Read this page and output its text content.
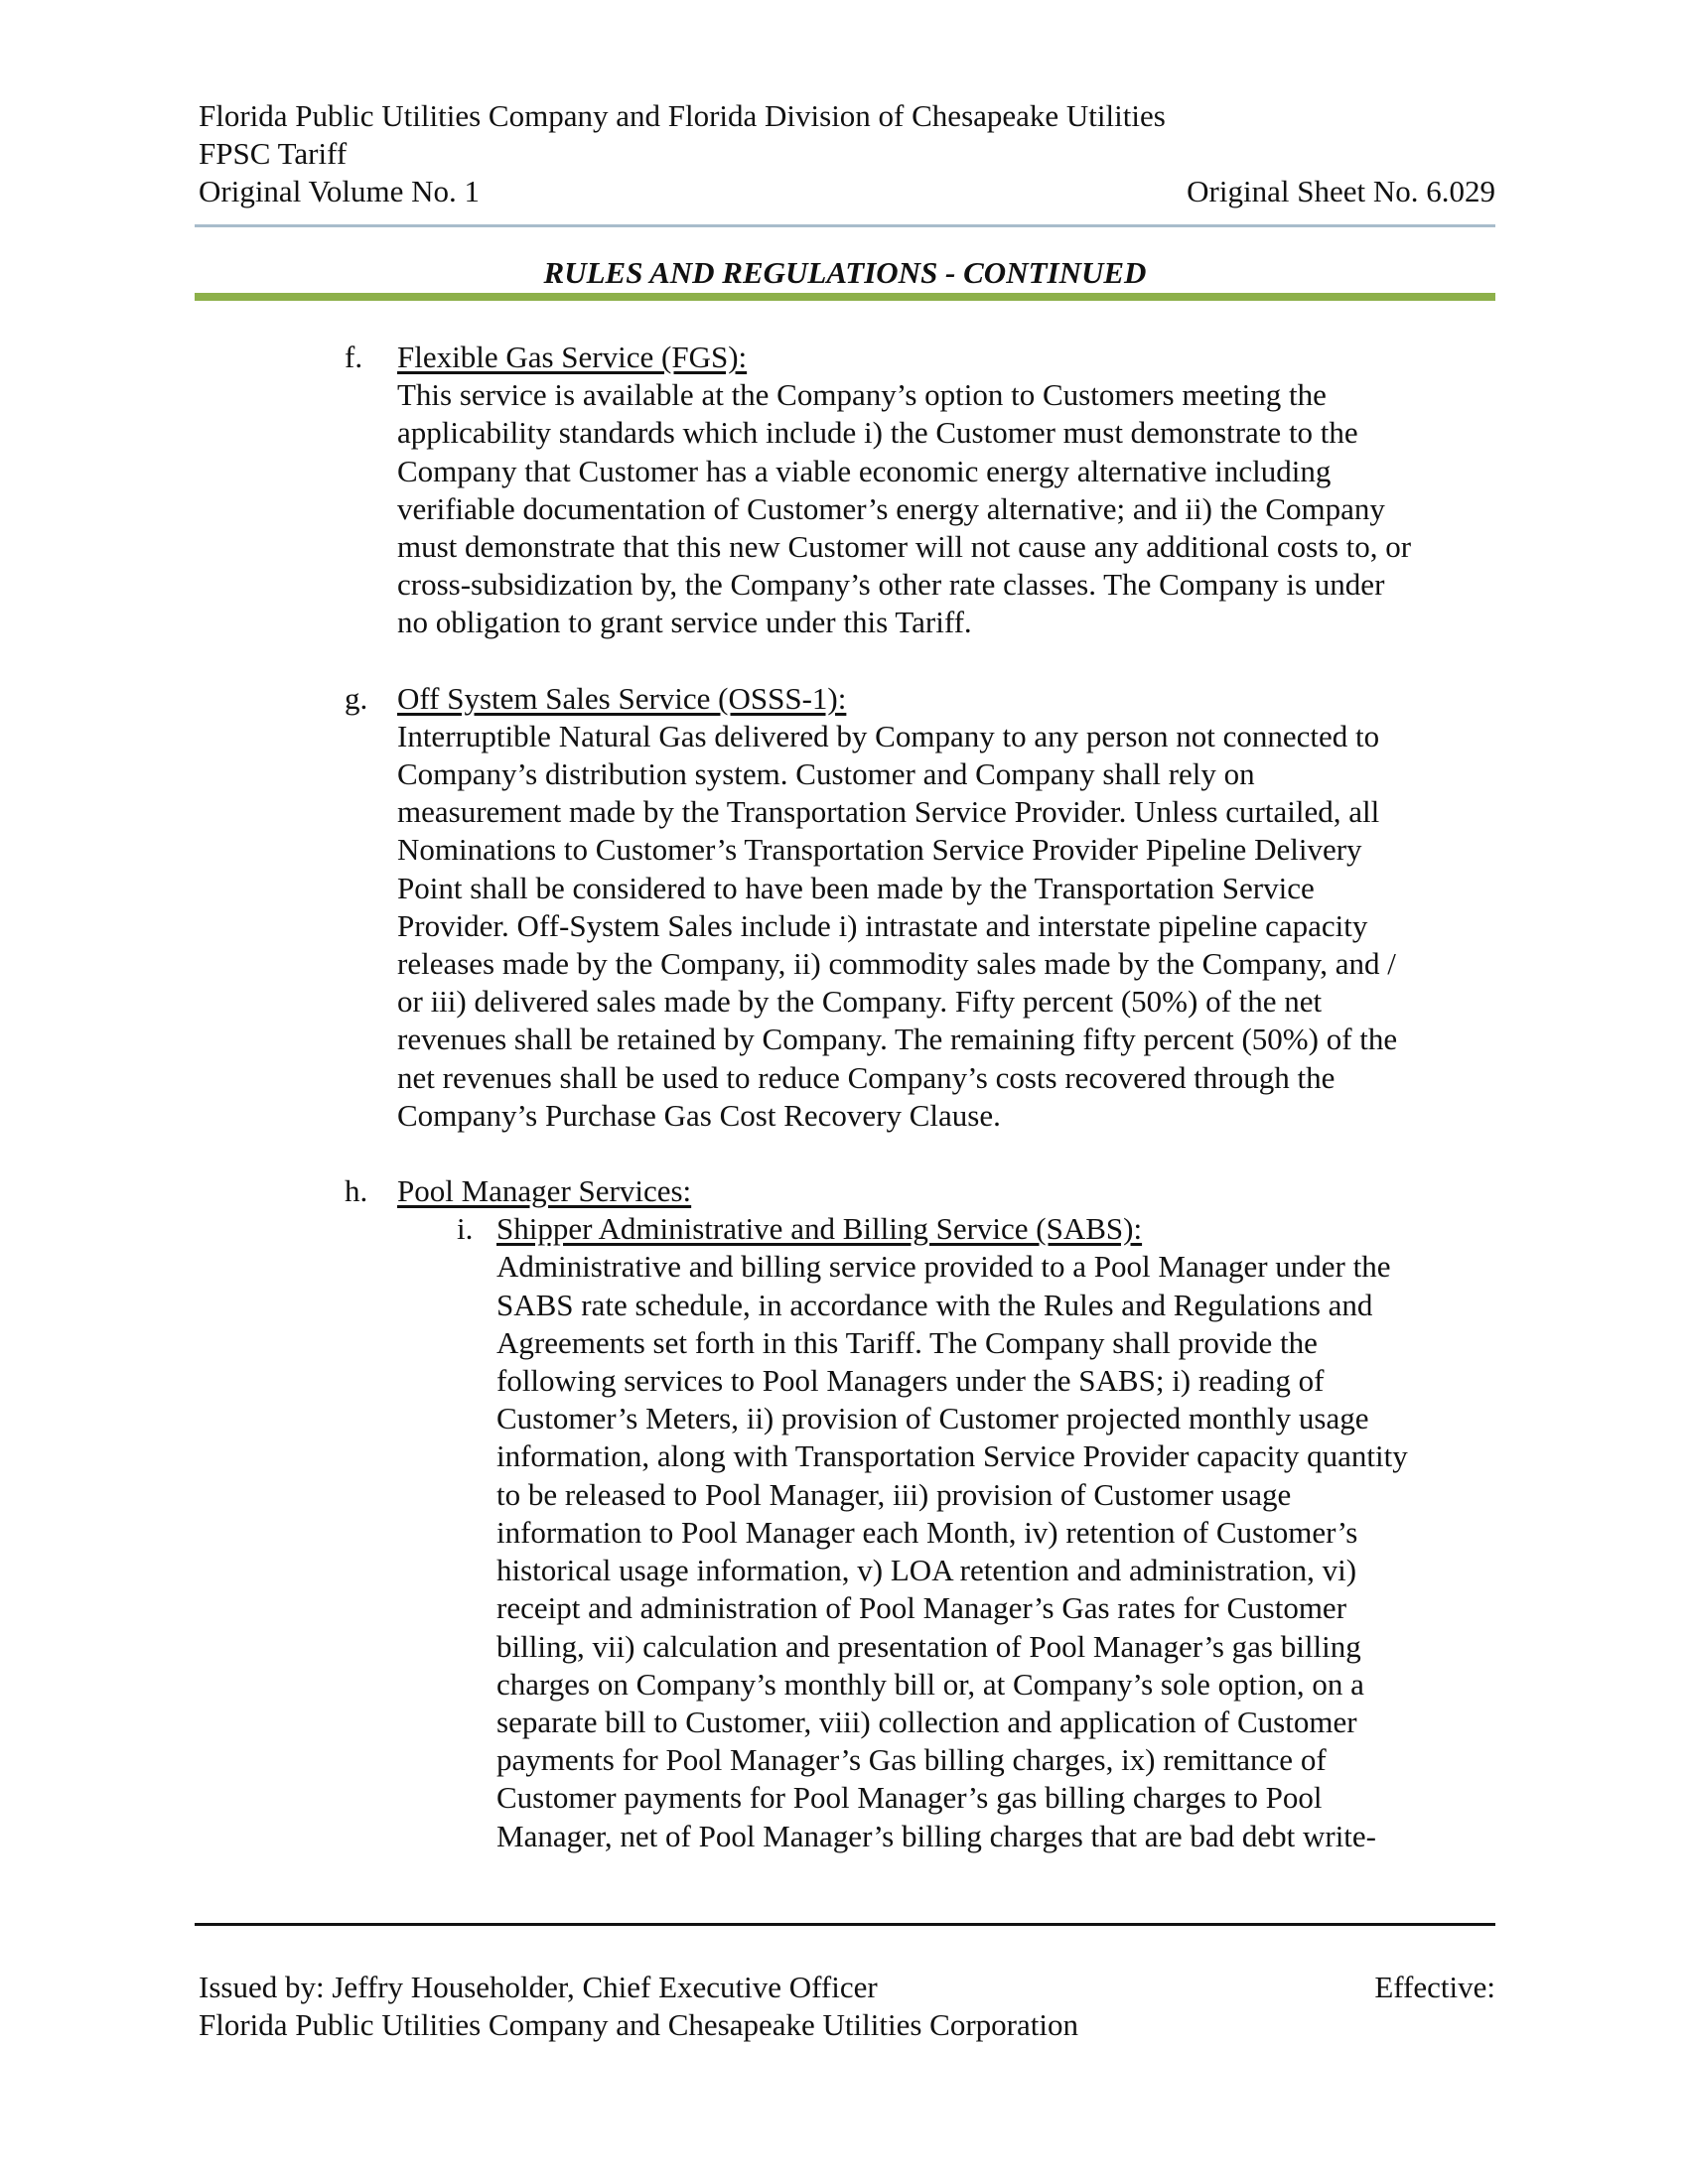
Florida Public Utilities Company and Florida Division of Chesapeake Utilities
FPSC Tariff
Original Volume No. 1	Original Sheet No. 6.029
RULES AND REGULATIONS - CONTINUED
f. Flexible Gas Service (FGS):
This service is available at the Company’s option to Customers meeting the
applicability standards which include i) the Customer must demonstrate to the
Company that Customer has a viable economic energy alternative including
verifiable documentation of Customer’s energy alternative; and ii) the Company
must demonstrate that this new Customer will not cause any additional costs to, or
cross-subsidization by, the Company’s other rate classes. The Company is under
no obligation to grant service under this Tariff.
g. Off System Sales Service (OSSS-1):
Interruptible Natural Gas delivered by Company to any person not connected to
Company’s distribution system. Customer and Company shall rely on
measurement made by the Transportation Service Provider. Unless curtailed, all
Nominations to Customer’s Transportation Service Provider Pipeline Delivery
Point shall be considered to have been made by the Transportation Service
Provider. Off-System Sales include i) intrastate and interstate pipeline capacity
releases made by the Company, ii) commodity sales made by the Company, and /
or iii) delivered sales made by the Company. Fifty percent (50%) of the net
revenues shall be retained by Company. The remaining fifty percent (50%) of the
net revenues shall be used to reduce Company’s costs recovered through the
Company’s Purchase Gas Cost Recovery Clause.
h. Pool Manager Services:
i. Shipper Administrative and Billing Service (SABS):
Administrative and billing service provided to a Pool Manager under the
SABS rate schedule, in accordance with the Rules and Regulations and
Agreements set forth in this Tariff. The Company shall provide the
following services to Pool Managers under the SABS; i) reading of
Customer’s Meters, ii) provision of Customer projected monthly usage
information, along with Transportation Service Provider capacity quantity
to be released to Pool Manager, iii) provision of Customer usage
information to Pool Manager each Month, iv) retention of Customer’s
historical usage information, v) LOA retention and administration, vi)
receipt and administration of Pool Manager’s Gas rates for Customer
billing, vii) calculation and presentation of Pool Manager’s gas billing
charges on Company’s monthly bill or, at Company’s sole option, on a
separate bill to Customer, viii) collection and application of Customer
payments for Pool Manager’s Gas billing charges, ix) remittance of
Customer payments for Pool Manager’s gas billing charges to Pool
Manager, net of Pool Manager’s billing charges that are bad debt write-
Issued by: Jeffry Householder, Chief Executive Officer	Effective:
Florida Public Utilities Company and Chesapeake Utilities Corporation
